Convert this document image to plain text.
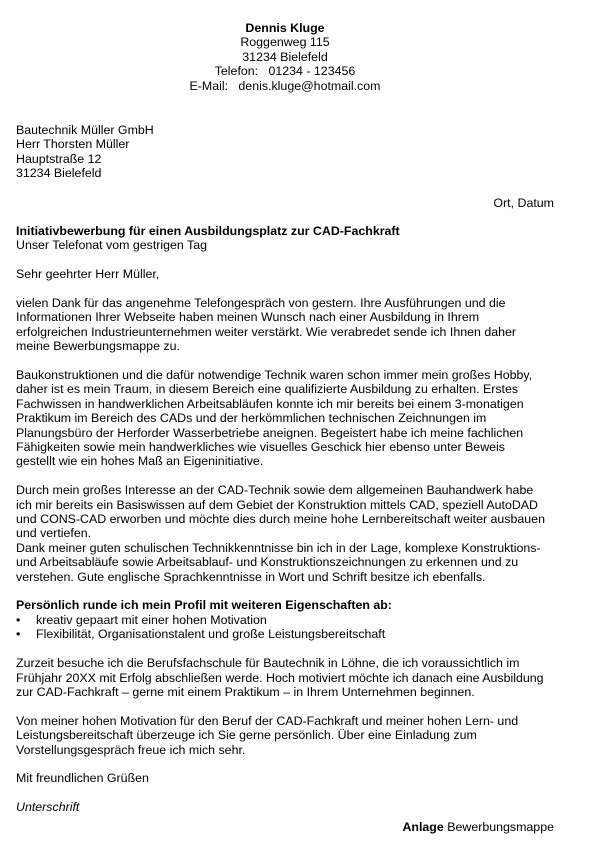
Dennis Kluge
Roggenweg 115
31234 Bielefeld
Telefon:   01234 - 123456
E-Mail:   denis.kluge@hotmail.com
Bautechnik Müller GmbH
Herr Thorsten Müller
Hauptstraße 12
31234 Bielefeld
Ort, Datum
Initiativbewerbung für einen Ausbildungsplatz zur CAD-Fachkraft
Unser Telefonat vom gestrigen Tag
Sehr geehrter Herr Müller,
vielen Dank für das angenehme Telefongespräch von gestern. Ihre Ausführungen und die
Informationen Ihrer Webseite haben meinen Wunsch nach einer Ausbildung in Ihrem
erfolgreichen Industrieunternehmen weiter verstärkt. Wie verabredet sende ich Ihnen daher
meine Bewerbungsmappe zu.
Baukonstruktionen und die dafür notwendige Technik waren schon immer mein großes Hobby,
daher ist es mein Traum, in diesem Bereich eine qualifizierte Ausbildung zu erhalten. Erstes
Fachwissen in handwerklichen Arbeitsabläufen konnte ich mir bereits bei einem 3-monatigen
Praktikum im Bereich des CADs und der herkömmlichen technischen Zeichnungen im
Planungsbüro der Herforder Wasserbetriebe aneignen. Begeistert habe ich meine fachlichen
Fähigkeiten sowie mein handwerkliches wie visuelles Geschick hier ebenso unter Beweis
gestellt wie ein hohes Maß an Eigeninitiative.
Durch mein großes Interesse an der CAD-Technik sowie dem allgemeinen Bauhandwerk habe
ich mir bereits ein Basiswissen auf dem Gebiet der Konstruktion mittels CAD, speziell AutoDAD
und CONS-CAD erworben und möchte dies durch meine hohe Lernbereitschaft weiter ausbauen
und vertiefen.
Dank meiner guten schulischen Technikkenntnisse bin ich in der Lage, komplexe Konstruktions-
und Arbeitsabläufe sowie Arbeitsablauf- und Konstruktionszeichnungen zu erkennen und zu
verstehen. Gute englische Sprachkenntnisse in Wort und Schrift besitze ich ebenfalls.
Persönlich runde ich mein Profil mit weiteren Eigenschaften ab:
• kreativ gepaart mit einer hohen Motivation
• Flexibilität, Organisationstalent und große Leistungsbereitschaft
Zurzeit besuche ich die Berufsfachschule für Bautechnik in Löhne, die ich voraussichtlich im
Frühjahr 20XX mit Erfolg abschließen werde. Hoch motiviert möchte ich danach eine Ausbildung
zur CAD-Fachkraft – gerne mit einem Praktikum – in Ihrem Unternehmen beginnen.
Von meiner hohen Motivation für den Beruf der CAD-Fachkraft und meiner hohen Lern- und
Leistungsbereitschaft überzeuge ich Sie gerne persönlich. Über eine Einladung zum
Vorstellungsgespräch freue ich mich sehr.
Mit freundlichen Grüßen
Unterschrift
Anlage Bewerbungsmappe
